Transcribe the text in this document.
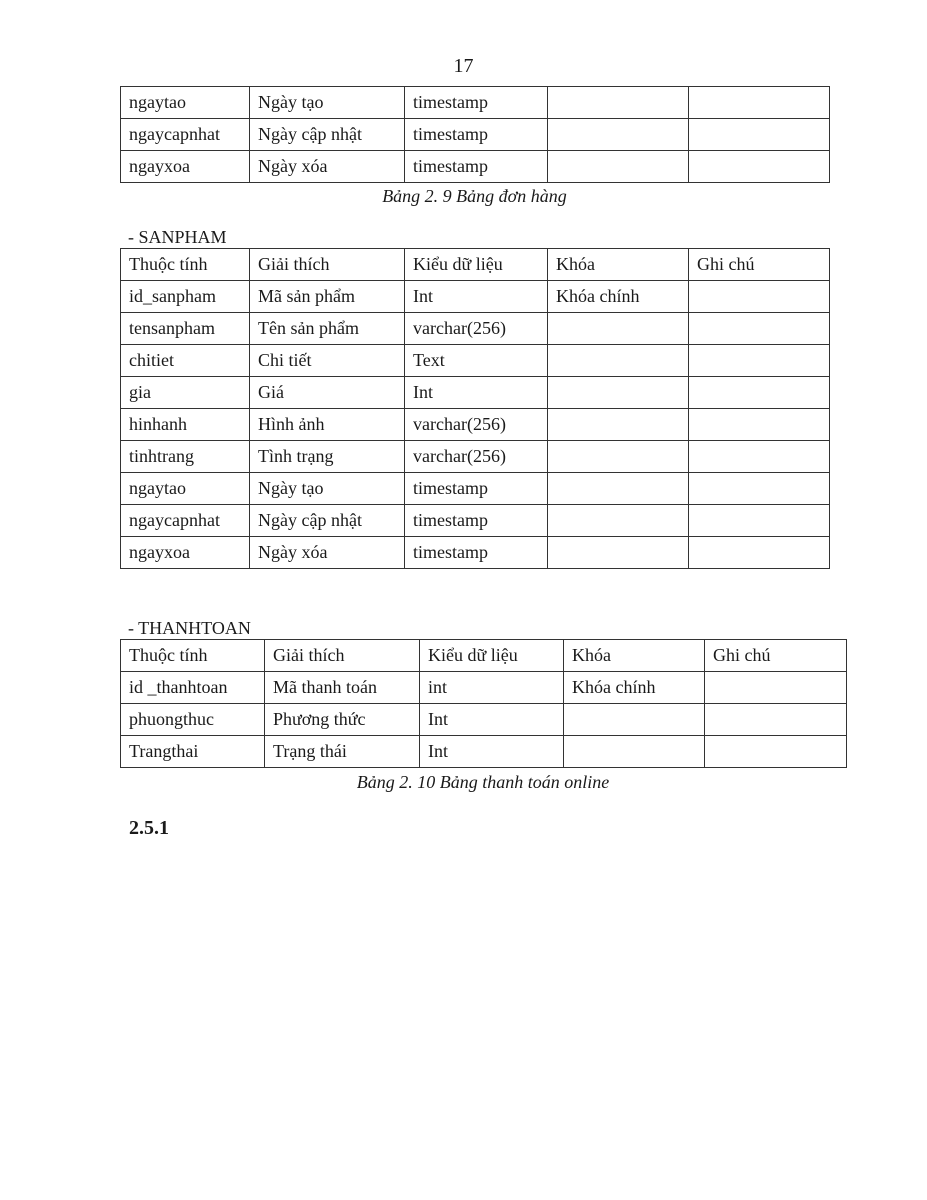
17
ngaytao	Ngày tạo	timestamp		
ngaycapnhat	Ngày cập nhật	timestamp		
ngayxoa	Ngày xóa	timestamp		
Bảng 2. 9 Bảng đơn hàng
- SANPHAM
Thuộc tính	Giải thích	Kiểu dữ liệu	Khóa	Ghi chú
id_sanpham	Mã sản phẩm	Int	Khóa chính	
tensanpham	Tên sản phẩm	varchar(256)		
chitiet	Chi tiết	Text		
gia	Giá	Int		
hinhanh	Hình ảnh	varchar(256)		
tinhtrang	Tình trạng	varchar(256)		
ngaytao	Ngày tạo	timestamp		
ngaycapnhat	Ngày cập nhật	timestamp		
ngayxoa	Ngày xóa	timestamp		
- THANHTOAN
Thuộc tính	Giải thích	Kiểu dữ liệu	Khóa	Ghi chú
id _thanhtoan	Mã thanh toán	int	Khóa chính	
phuongthuc	Phương thức	Int		
Trangthai	Trạng thái	Int		
Bảng 2. 10 Bảng thanh toán online
2.5.1
